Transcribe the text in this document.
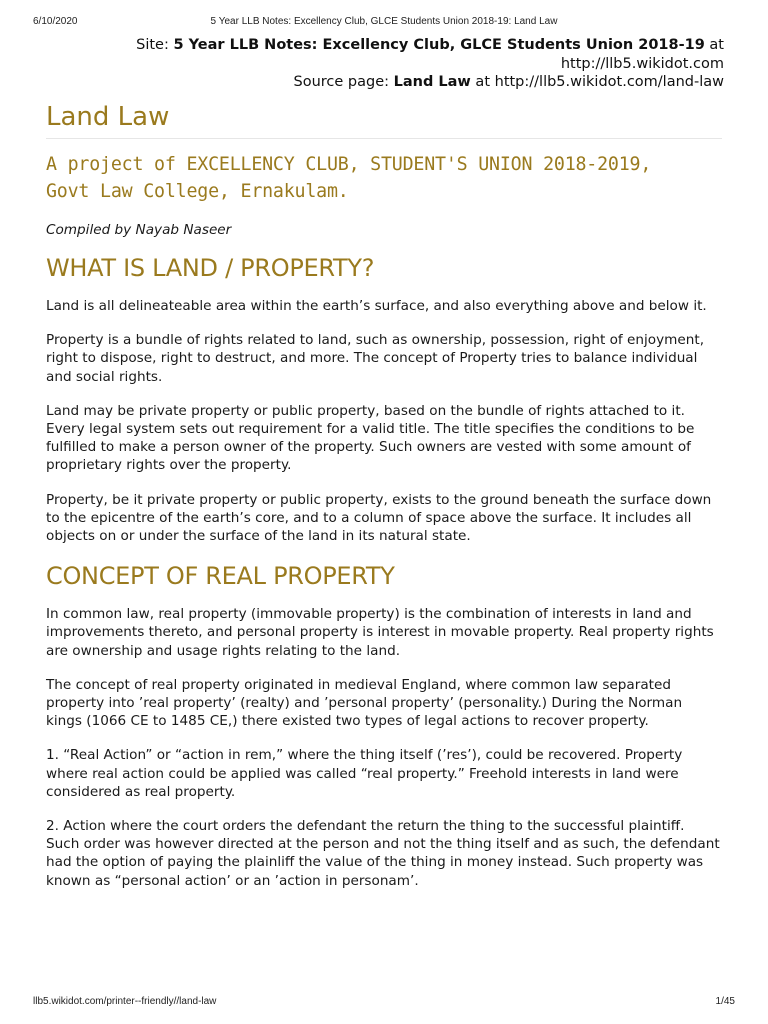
6/10/2020	5 Year LLB Notes: Excellency Club, GLCE Students Union 2018-19: Land Law
Site: 5 Year LLB Notes: Excellency Club, GLCE Students Union 2018-19 at
http://llb5.wikidot.com
Source page: Land Law at http://llb5.wikidot.com/land-law
Land Law
A project of EXCELLENCY CLUB, STUDENT'S UNION 2018-2019,
Govt Law College, Ernakulam.

Compiled by Nayab Naseer

WHAT IS LAND / PROPERTY?

Land is all delineateable area within the earth’s surface, and also everything above and below it.

Property is a bundle of rights related to land, such as ownership, possession, right of enjoyment, right to dispose, right to destruct, and more. The concept of Property tries to balance individual and social rights.

Land may be private property or public property, based on the bundle of rights attached to it. Every legal system sets out requirement for a valid title. The title specifies the conditions to be fulfilled to make a person owner of the property. Such owners are vested with some amount of proprietary rights over the property.

Property, be it private property or public property, exists to the ground beneath the surface down to the epicentre of the earth’s core, and to a column of space above the surface. It includes all objects on or under the surface of the land in its natural state.

CONCEPT OF REAL PROPERTY

In common law, real property (immovable property) is the combination of interests in land and improvements thereto, and personal property is interest in movable property. Real property rights are ownership and usage rights relating to the land.

The concept of real property originated in medieval England, where common law separated property into ’real property’ (realty) and ’personal property’ (personality.) During the Norman kings (1066 CE to 1485 CE,) there existed two types of legal actions to recover property.

1. “Real Action” or “action in rem,” where the thing itself (’res’), could be recovered. Property where real action could be applied was called “real property.” Freehold interests in land were considered as real property.

2. Action where the court orders the defendant the return the thing to the successful plaintiff. Such order was however directed at the person and not the thing itself and as such, the defendant had the option of paying the plainliff the value of the thing in money instead. Such property was known as “personal action’ or an ’action in personam’.

llb5.wikidot.com/printer--friendly//land-law	1/45
